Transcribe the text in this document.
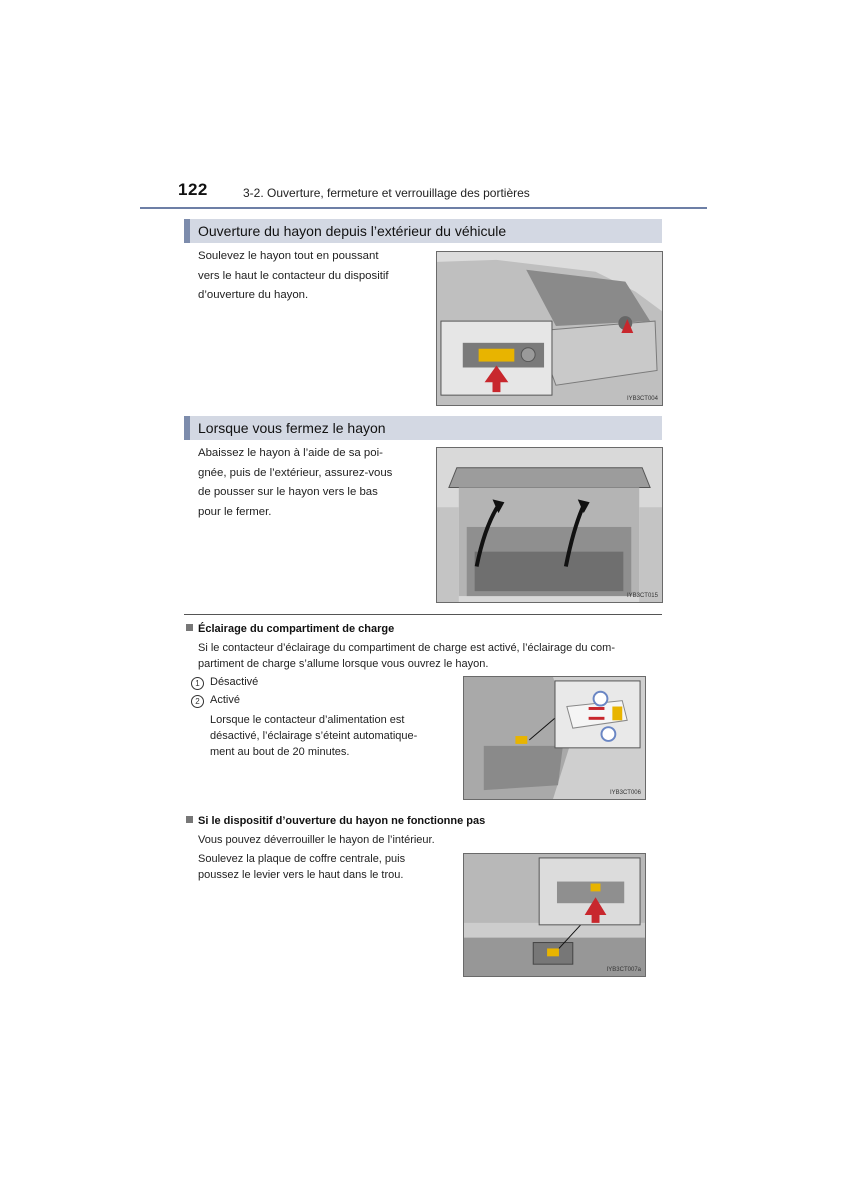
122	3-2. Ouverture, fermeture et verrouillage des portières
Ouverture du hayon depuis l’extérieur du véhicule
Soulevez le hayon tout en poussant
vers le haut le contacteur du dispositif
d’ouverture du hayon.
IYB3CT004
Lorsque vous fermez le hayon
Abaissez le hayon à l’aide de sa poi-
gnée, puis de l’extérieur, assurez-vous
de pousser sur le hayon vers le bas
pour le fermer.
IYB3CT015
Éclairage du compartiment de charge
Si le contacteur d’éclairage du compartiment de charge est activé, l’éclairage du com-
partiment de charge s’allume lorsque vous ouvrez le hayon.
1 Désactivé
2 Activé
Lorsque le contacteur d’alimentation est
désactivé, l’éclairage s’éteint automatique-
ment au bout de 20 minutes.
IYB3CT006
Si le dispositif d’ouverture du hayon ne fonctionne pas
Vous pouvez déverrouiller le hayon de l’intérieur.
Soulevez la plaque de coffre centrale, puis
poussez le levier vers le haut dans le trou.
IYB3CT007a
